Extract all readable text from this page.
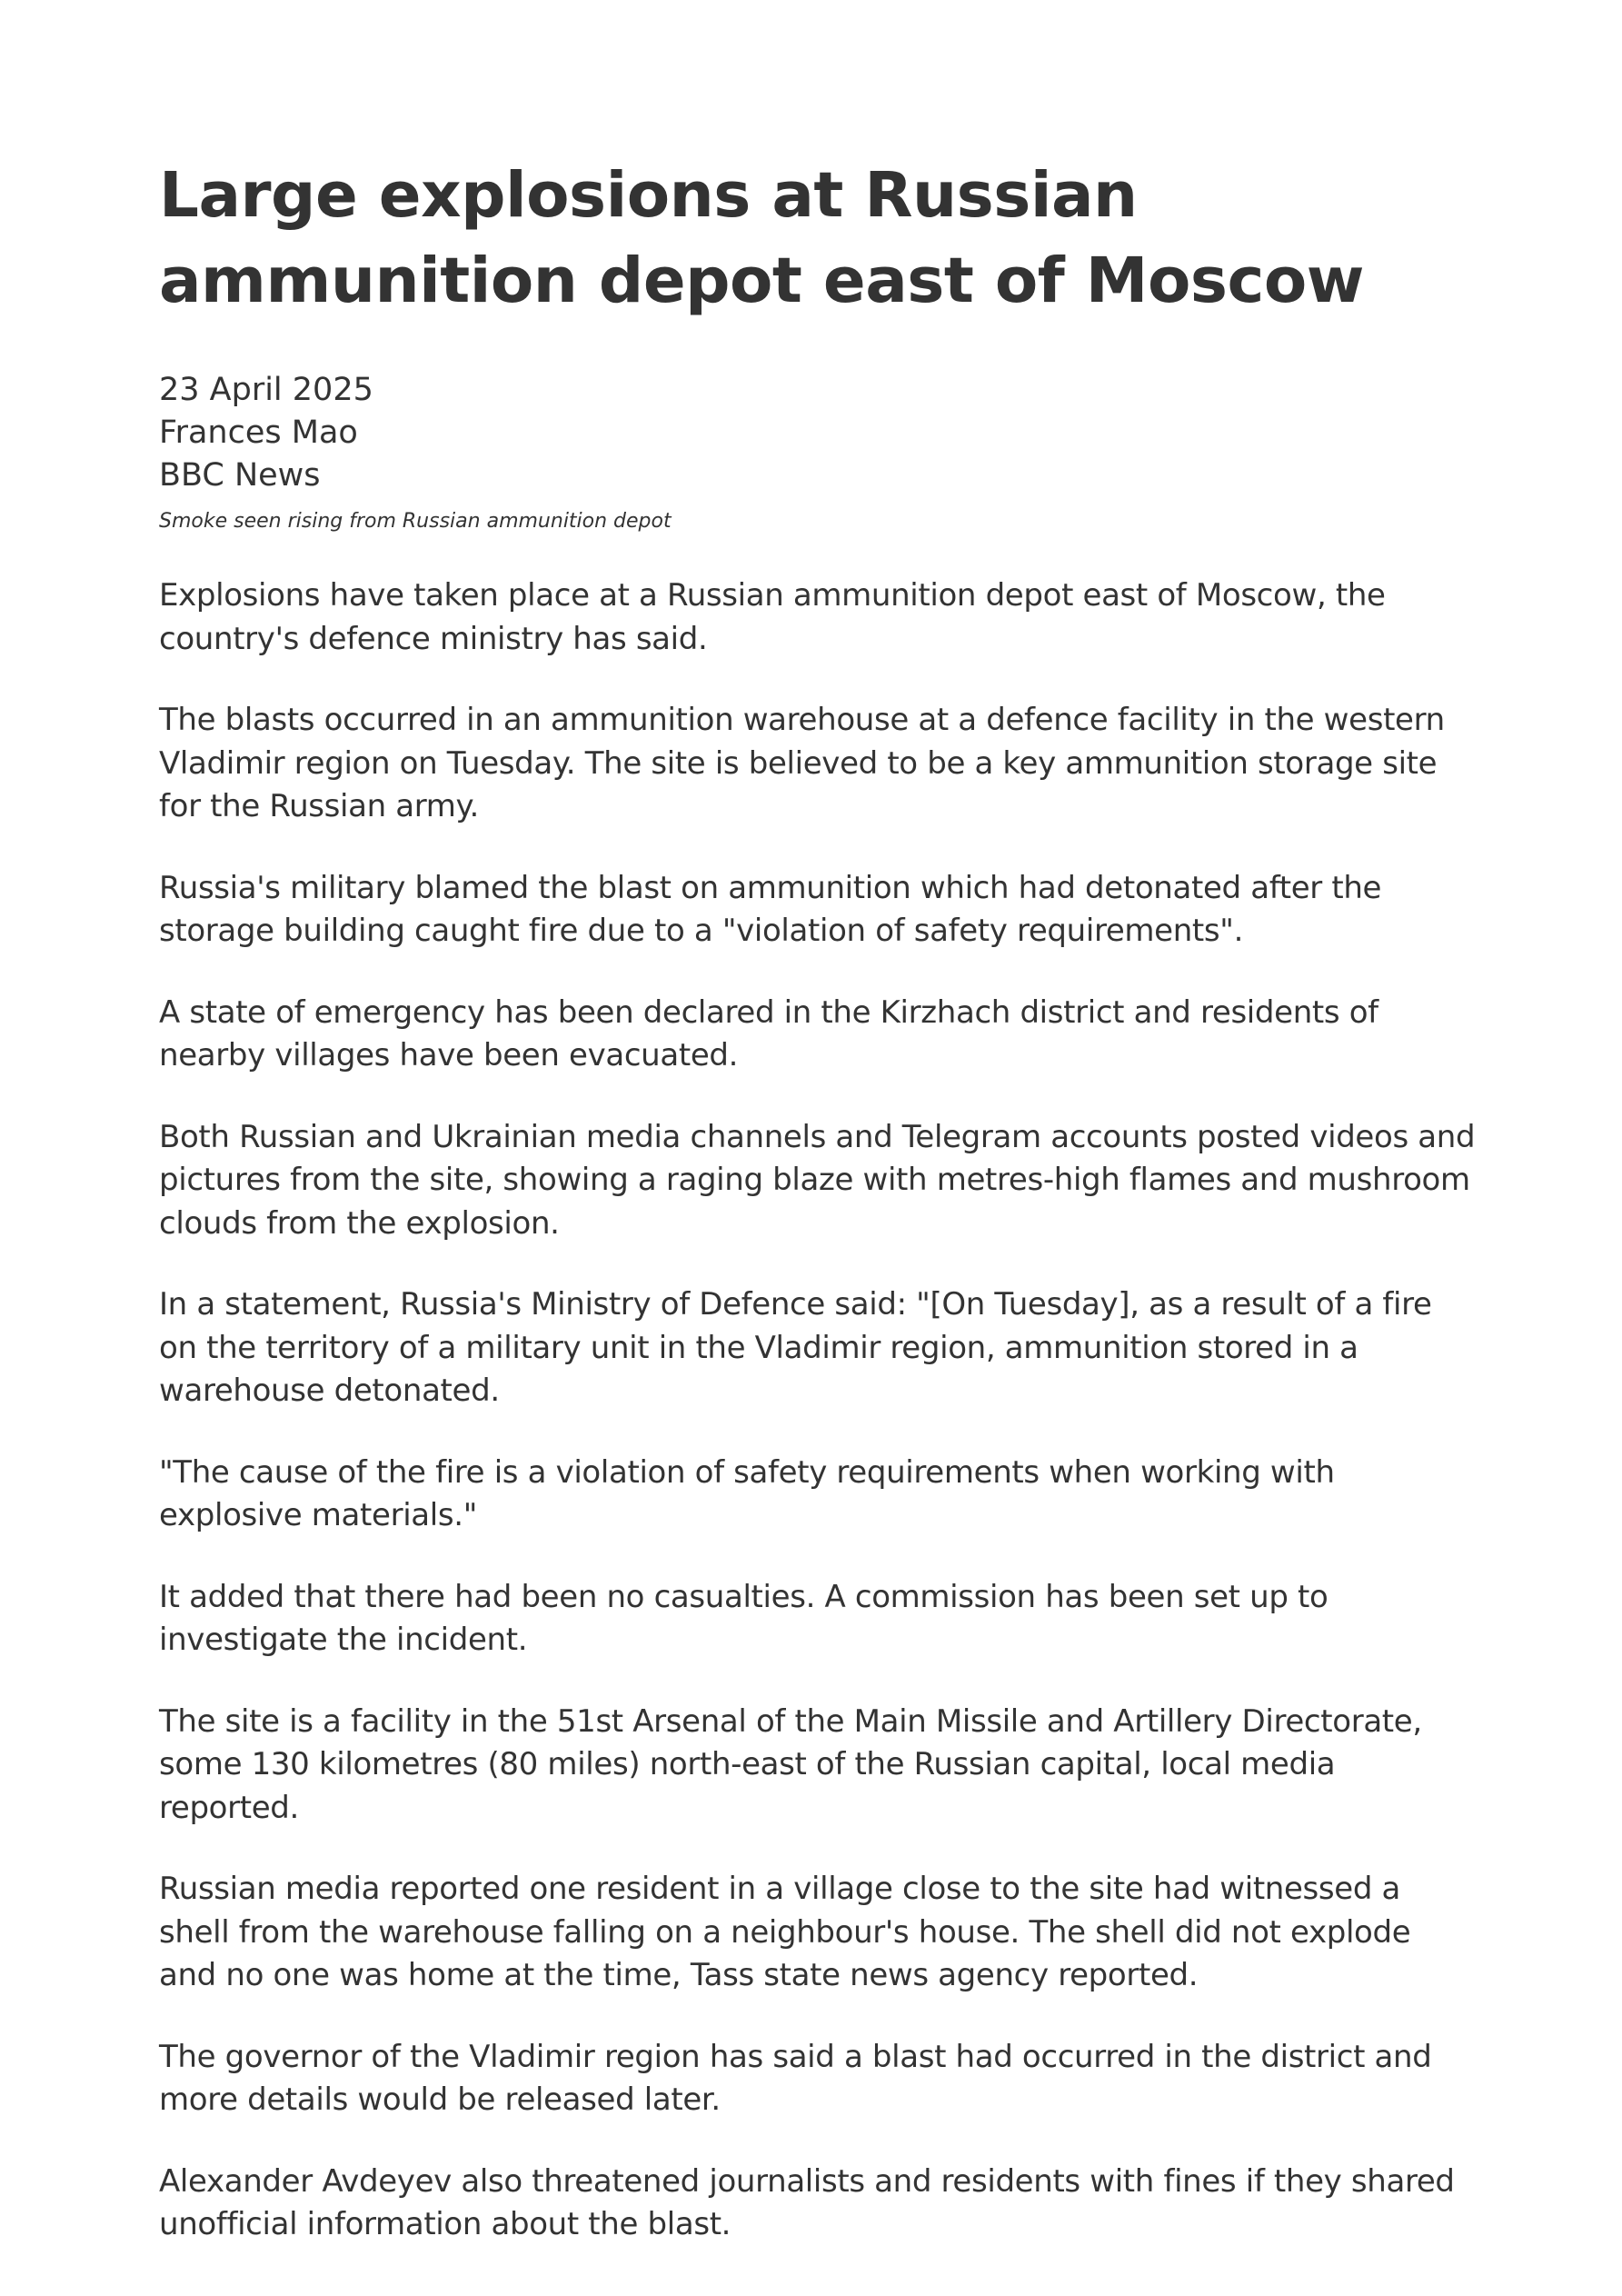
Large explosions at Russian ammunition depot east of Moscow
23 April 2025
Frances Mao
BBC News
Smoke seen rising from Russian ammunition depot

Explosions have taken place at a Russian ammunition depot east of Moscow, the country's defence ministry has said.

The blasts occurred in an ammunition warehouse at a defence facility in the western Vladimir region on Tuesday. The site is believed to be a key ammunition storage site for the Russian army.

Russia's military blamed the blast on ammunition which had detonated after the storage building caught fire due to a "violation of safety requirements".

A state of emergency has been declared in the Kirzhach district and residents of nearby villages have been evacuated.

Both Russian and Ukrainian media channels and Telegram accounts posted videos and pictures from the site, showing a raging blaze with metres-high flames and mushroom clouds from the explosion.

In a statement, Russia's Ministry of Defence said: "[On Tuesday], as a result of a fire on the territory of a military unit in the Vladimir region, ammunition stored in a warehouse detonated.

"The cause of the fire is a violation of safety requirements when working with explosive materials."

It added that there had been no casualties. A commission has been set up to investigate the incident.

The site is a facility in the 51st Arsenal of the Main Missile and Artillery Directorate, some 130 kilometres (80 miles) north-east of the Russian capital, local media reported.

Russian media reported one resident in a village close to the site had witnessed a shell from the warehouse falling on a neighbour's house. The shell did not explode and no one was home at the time, Tass state news agency reported.

The governor of the Vladimir region has said a blast had occurred in the district and more details would be released later.

Alexander Avdeyev also threatened journalists and residents with fines if they shared unofficial information about the blast.
